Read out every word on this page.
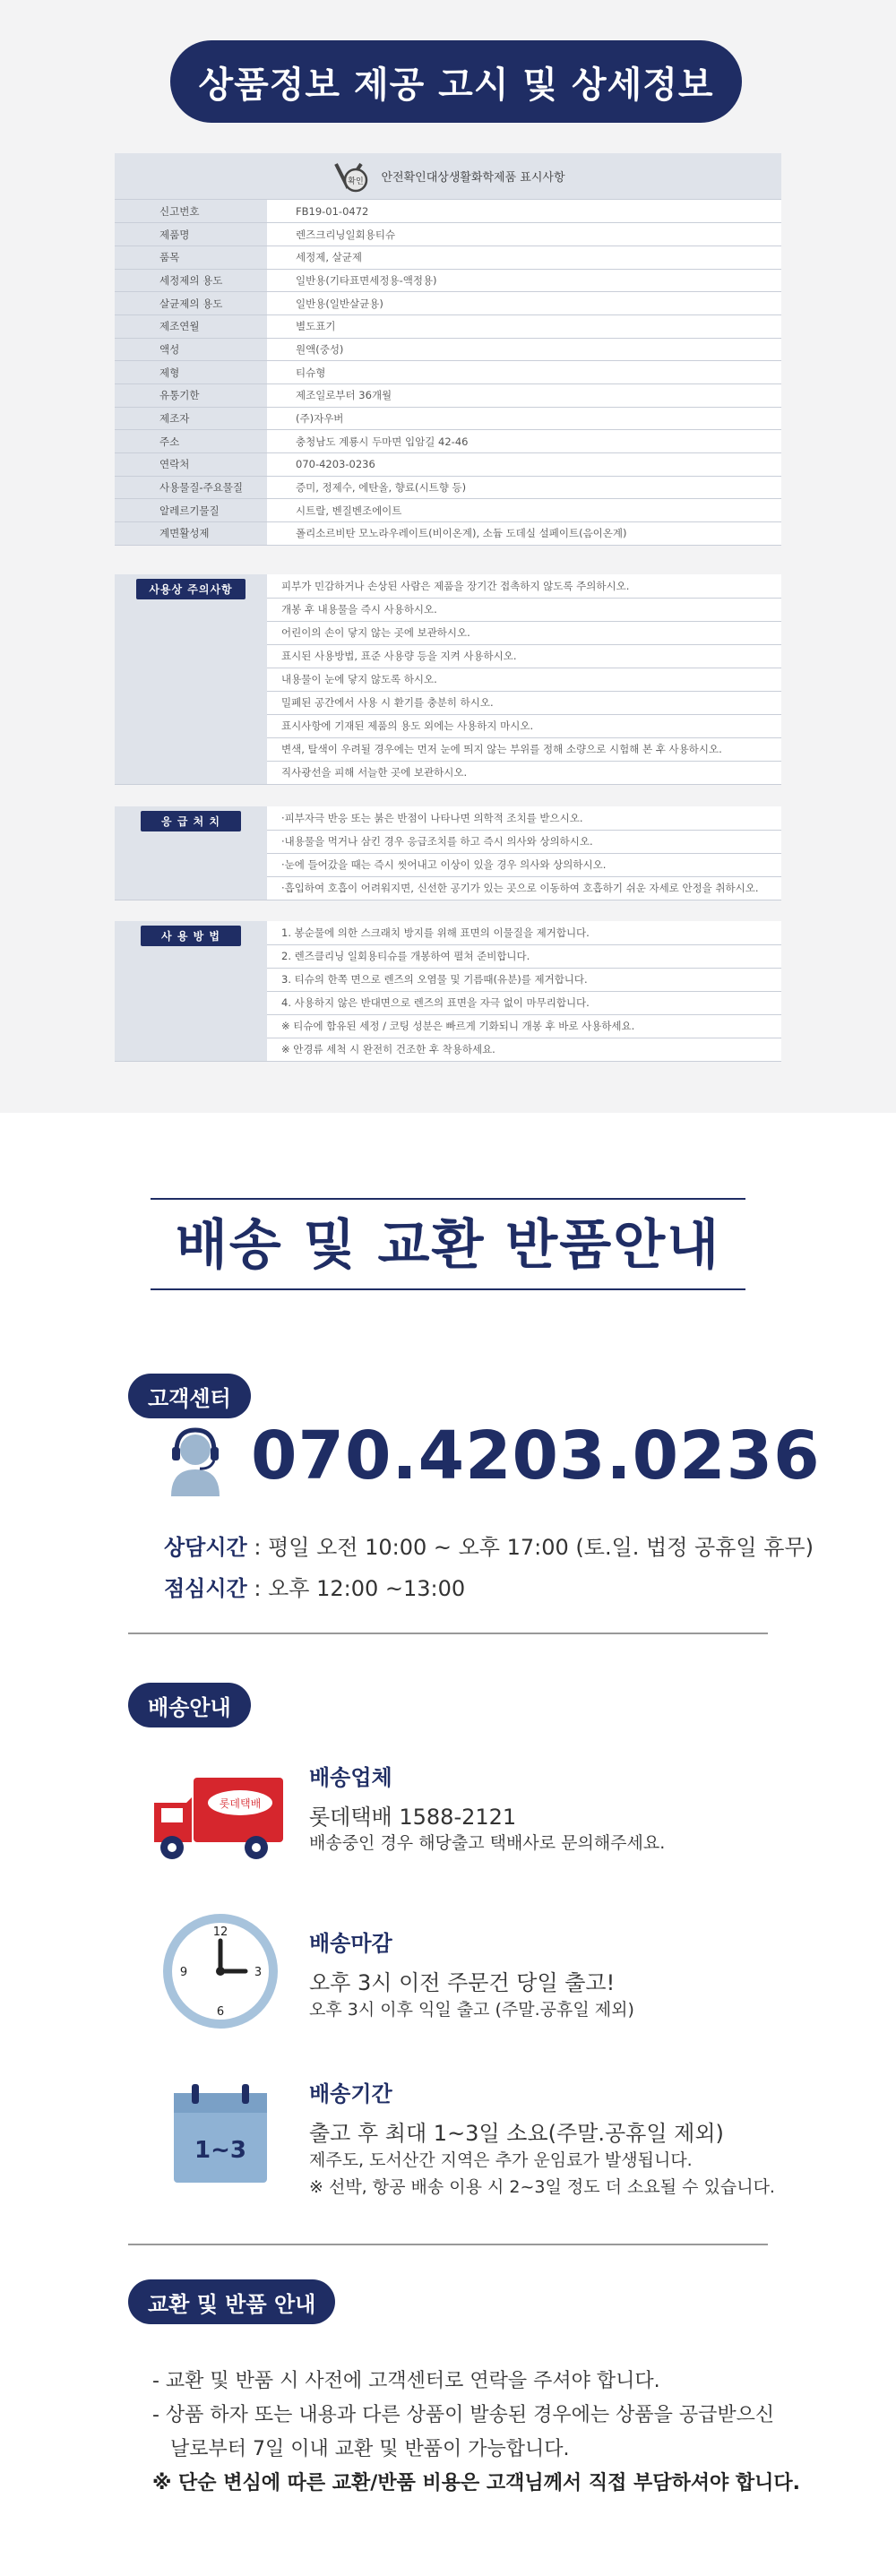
상품정보 제공 고시 및 상세정보
확인 안전확인대상생활화학제품 표시사항
신고번호	FB19-01-0472
제품명	렌즈크리닝일회용티슈
품목	세정제, 살균제
세정제의 용도	일반용(기타표면세정용-액정용)
살균제의 용도	일반용(일반살균용)
제조연월	별도표기
액성	원액(중성)
제형	티슈형
유통기한	제조일로부터 36개월
제조자	(주)자우버
주소	충청남도 계룡시 두마면 입암길 42-46
연락처	070-4203-0236
사용물질-주요물질	증미, 정제수, 에탄올, 향료(시트향 등)
알레르기물질	시트랄, 벤질벤조에이트
계면활성제	폴리소르비탄 모노라우레이트(비이온계), 소듐 도데실 설페이트(음이온계)
사용상 주의사항	피부가 민감하거나 손상된 사람은 제품을 장기간 접촉하지 않도록 주의하시오.
개봉 후 내용물을 즉시 사용하시오.
어린이의 손이 닿지 않는 곳에 보관하시오.
표시된 사용방법, 표준 사용량 등을 지켜 사용하시오.
내용물이 눈에 닿지 않도록 하시오.
밀폐된 공간에서 사용 시 환기를 충분히 하시오.
표시사항에 기재된 제품의 용도 외에는 사용하지 마시오.
변색, 탈색이 우려될 경우에는 먼저 눈에 띄지 않는 부위를 정해 소량으로 시험해 본 후 사용하시오.
직사광선을 피해 서늘한 곳에 보관하시오.
응 급 처 치	·피부자극 반응 또는 붉은 반점이 나타나면 의학적 조치를 받으시오.
·내용물을 먹거나 삼킨 경우 응급조치를 하고 즉시 의사와 상의하시오.
·눈에 들어갔을 때는 즉시 씻어내고 이상이 있을 경우 의사와 상의하시오.
·흡입하여 호흡이 어려워지면, 신선한 공기가 있는 곳으로 이동하여 호흡하기 쉬운 자세로 안정을 취하시오.
사 용 방 법	1. 봉순물에 의한 스크래치 방지를 위해 표면의 이물질을 제거합니다.
2. 렌즈클리닝 일회용티슈를 개봉하여 펼쳐 준비합니다.
3. 티슈의 한쪽 면으로 렌즈의 오염물 및 기름때(유분)를 제거합니다.
4. 사용하지 않은 반대면으로 렌즈의 표면을 자극 없이 마무리합니다.
※ 티슈에 함유된 세정 / 코팅 성분은 빠르게 기화되니 개봉 후 바로 사용하세요.
※ 안경류 세척 시 완전히 건조한 후 착용하세요.
배송 및 교환 반품안내
고객센터
070.4203.0236
상담시간 : 평일 오전 10:00 ~ 오후 17:00 (토.일. 법정 공휴일 휴무)
점심시간 : 오후 12:00 ~13:00
배송안내
롯데택배
배송업체
롯데택배 1588-2121
배송중인 경우 해당출고 택배사로 문의해주세요.
12
3
6
9
배송마감
오후 3시 이전 주문건 당일 출고!
오후 3시 이후 익일 출고 (주말.공휴일 제외)
1~3
배송기간
출고 후 최대 1~3일 소요(주말.공휴일 제외)
제주도, 도서산간 지역은 추가 운임료가 발생됩니다.
※ 선박, 항공 배송 이용 시 2~3일 정도 더 소요될 수 있습니다.
교환 및 반품 안내
- 교환 및 반품 시 사전에 고객센터로 연락을 주셔야 합니다.
- 상품 하자 또는 내용과 다른 상품이 발송된 경우에는 상품을 공급받으신
날로부터 7일 이내 교환 및 반품이 가능합니다.
※ 단순 변심에 따른 교환/반품 비용은 고객님께서 직접 부담하셔야 합니다.
